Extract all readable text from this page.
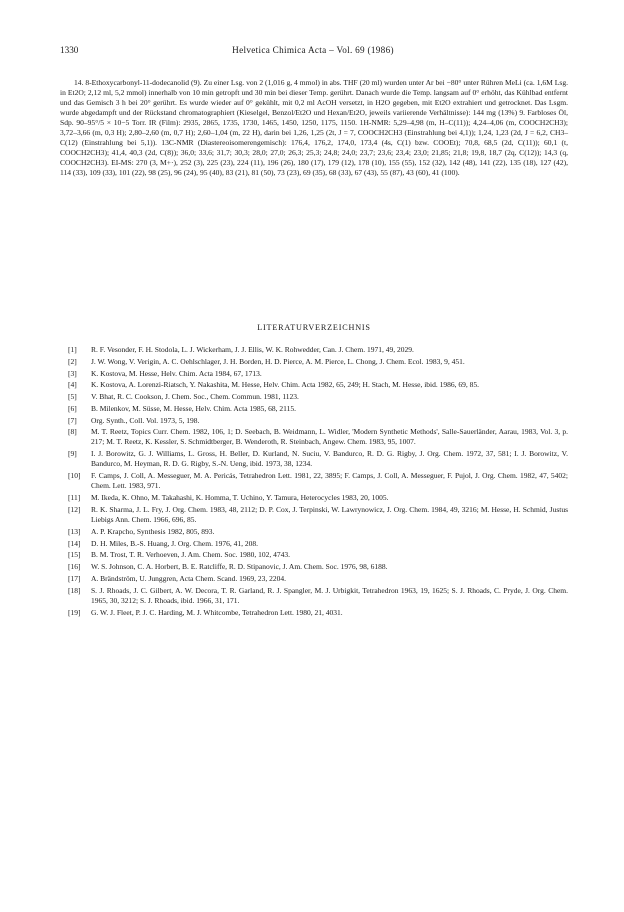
1330	Helvetica Chimica Acta – Vol. 69 (1986)

14. 8-Ethoxycarbonyl-11-dodecanolid (9). Zu einer Lsg. von 2 (1,016 g, 4 mmol) in abs. THF (20 ml) wurden unter Ar bei −80° unter Rühren MeLi (ca. 1,6M Lsg. in Et2O; 2,12 ml, 5,2 mmol) innerhalb von 10 min getropft und 30 min bei dieser Temp. gerührt. Danach wurde die Temp. langsam auf 0° erhöht, das Kühlbad entfernt und das Gemisch 3 h bei 20° gerührt. Es wurde wieder auf 0° gekühlt, mit 0,2 ml AcOH versetzt, in H2O gegeben, mit Et2O extrahiert und getrocknet. Das Lsgm. wurde abgedampft und der Rückstand chromatographiert (Kieselgel, Benzol/Et2O und Hexan/Et2O, jeweils variierende Verhältnisse): 144 mg (13%) 9. Farbloses Öl, Sdp. 90–95°/5 × 10−5 Torr. IR (Film): 2935, 2865, 1735, 1730, 1465, 1450, 1250, 1175, 1150. 1H-NMR: 5,29–4,98 (m, H–C(11)); 4,24–4,06 (m, COOCH2CH3); 3,72–3,66 (m, 0,3 H); 2,80–2,60 (m, 0,7 H); 2,60–1,04 (m, 22 H), darin bei 1,26, 1,25 (2t, J = 7, COOCH2CH3 (Einstrahlung bei 4,1)); 1,24, 1,23 (2d, J = 6,2, CH3–C(12) (Einstrahlung bei 5,1)). 13C-NMR (Diastereoisomerengemisch): 176,4, 176,2, 174,0, 173,4 (4s, C(1) bzw. COOEt); 70,8, 68,5 (2d, C(11)); 60,1 (t, COOCH2CH3); 41,4, 40,3 (2d, C(8)); 36,0; 33,6; 31,7; 30,3; 28,0; 27,0; 26,3; 25,3; 24,8; 24,0; 23,7; 23,6; 23,4; 23,0; 21,85; 21,8; 19,8, 18,7 (2q, C(12)); 14,3 (q, COOCH2CH3). EI-MS: 270 (3, M+·), 252 (3), 225 (23), 224 (11), 196 (26), 180 (17), 179 (12), 178 (10), 155 (55), 152 (32), 142 (48), 141 (22), 135 (18), 127 (42), 114 (33), 109 (33), 101 (22), 98 (25), 96 (24), 95 (40), 83 (21), 81 (50), 73 (23), 69 (35), 68 (33), 67 (43), 55 (87), 43 (60), 41 (100).

LITERATURVERZEICHNIS
[1] R. F. Vesonder, F. H. Stodola, L. J. Wickerham, J. J. Ellis, W. K. Rohwedder, Can. J. Chem. 1971, 49, 2029.
[2] J. W. Wong, V. Verigin, A. C. Oehlschlager, J. H. Borden, H. D. Pierce, A. M. Pierce, L. Chong, J. Chem. Ecol. 1983, 9, 451.
[3] K. Kostova, M. Hesse, Helv. Chim. Acta 1984, 67, 1713.
[4] K. Kostova, A. Lorenzi-Riatsch, Y. Nakashita, M. Hesse, Helv. Chim. Acta 1982, 65, 249; H. Stach, M. Hesse, ibid. 1986, 69, 85.
[5] V. Bhat, R. C. Cookson, J. Chem. Soc., Chem. Commun. 1981, 1123.
[6] B. Milenkov, M. Süsse, M. Hesse, Helv. Chim. Acta 1985, 68, 2115.
[7] Org. Synth., Coll. Vol. 1973, 5, 198.
[8] M. T. Reetz, Topics Curr. Chem. 1982, 106, 1; D. Seebach, B. Weidmann, L. Widler, 'Modern Synthetic Methods', Salle-Sauerländer, Aarau, 1983, Vol. 3, p. 217; M. T. Reetz, K. Kessler, S. Schmidtberger, B. Wenderoth, R. Steinbach, Angew. Chem. 1983, 95, 1007.
[9] I. J. Borowitz, G. J. Williams, L. Gross, H. Beller, D. Kurland, N. Suciu, V. Bandurco, R. D. G. Rigby, J. Org. Chem. 1972, 37, 581; I. J. Borowitz, V. Bandurco, M. Heyman, R. D. G. Rigby, S.-N. Ueng, ibid. 1973, 38, 1234.
[10] F. Camps, J. Coll, A. Messeguer, M. A. Pericás, Tetrahedron Lett. 1981, 22, 3895; F. Camps, J. Coll, A. Messeguer, F. Pujol, J. Org. Chem. 1982, 47, 5402; Chem. Lett. 1983, 971.
[11] M. Ikeda, K. Ohno, M. Takahashi, K. Homma, T. Uchino, Y. Tamura, Heterocycles 1983, 20, 1005.
[12] R. K. Sharma, J. L. Fry, J. Org. Chem. 1983, 48, 2112; D. P. Cox, J. Terpinski, W. Lawrynowicz, J. Org. Chem. 1984, 49, 3216; M. Hesse, H. Schmid, Justus Liebigs Ann. Chem. 1966, 696, 85.
[13] A. P. Krapcho, Synthesis 1982, 805, 893.
[14] D. H. Miles, B.-S. Huang, J. Org. Chem. 1976, 41, 208.
[15] B. M. Trost, T. R. Verhoeven, J. Am. Chem. Soc. 1980, 102, 4743.
[16] W. S. Johnson, C. A. Horbert, B. E. Ratcliffe, R. D. Stipanovic, J. Am. Chem. Soc. 1976, 98, 6188.
[17] A. Brändström, U. Junggren, Acta Chem. Scand. 1969, 23, 2204.
[18] S. J. Rhoads, J. C. Gilbert, A. W. Decora, T. R. Garland, R. J. Spangler, M. J. Urbigkit, Tetrahedron 1963, 19, 1625; S. J. Rhoads, C. Pryde, J. Org. Chem. 1965, 30, 3212; S. J. Rhoads, ibid. 1966, 31, 171.
[19] G. W. J. Fleet, P. J. C. Harding, M. J. Whitcombe, Tetrahedron Lett. 1980, 21, 4031.
